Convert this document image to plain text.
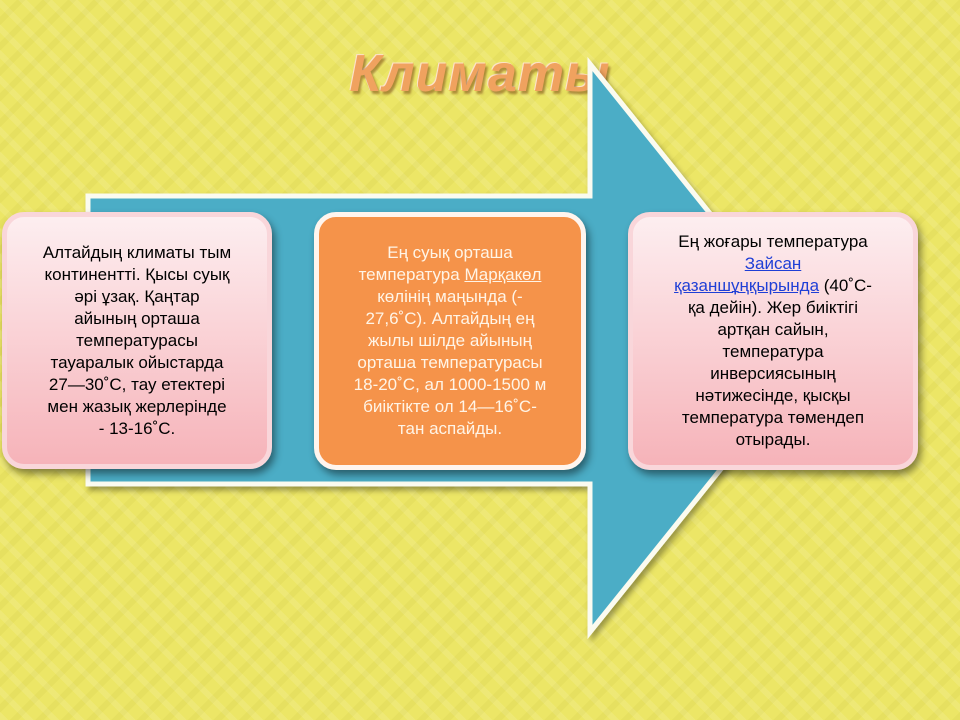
Климаты
Алтайдың климаты тым
континентті. Қысы суық
әрі ұзақ. Қаңтар
айының орташа
температурасы
тауаралык ойыстарда
27—30˚С, тау етектері
мен жазық жерлерінде
- 13-16˚С.
Ең суық орташа
температура Марқакөл
көлінің маңында (-
27,6˚С). Алтайдың ең
жылы шілде айының
орташа температурасы
18-20˚С, ал 1000-1500 м
биіктікте ол 14—16˚С-
тан аспайды.
Ең жоғары температура
Зайсан
қазаншұңқырында (40˚С-
қа дейін). Жер биіктігі
артқан сайын,
температура
инверсиясының
нәтижесінде, қысқы
температура төмендеп
отырады.
